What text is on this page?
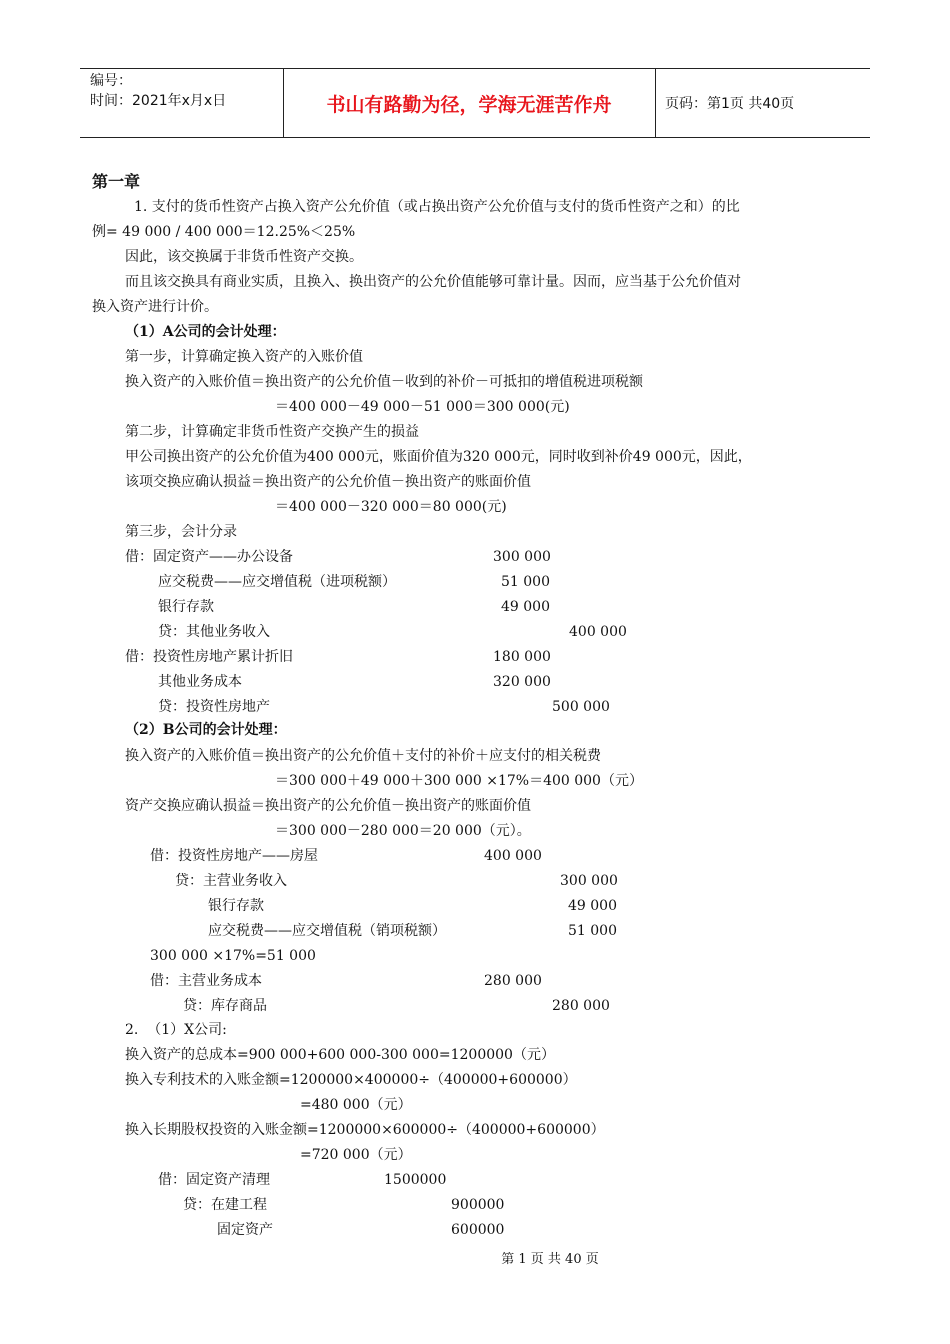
编号：
时间：2021年x月x日	书山有路勤为径，学海无涯苦作舟	页码：第1页 共40页
第一章
1. 支付的货币性资产占换入资产公允价值（或占换出资产公允价值与支付的货币性资产之和）的比
例= 49 000 / 400 000＝12.25%＜25%
因此，该交换属于非货币性资产交换。
而且该交换具有商业实质，且换入、换出资产的公允价值能够可靠计量。因而，应当基于公允价值对
换入资产进行计价。
（1）A公司的会计处理：
第一步，计算确定换入资产的入账价值
换入资产的入账价值＝换出资产的公允价值－收到的补价－可抵扣的增值税进项税额
＝400 000－49 000－51 000＝300 000(元)
第二步，计算确定非货币性资产交换产生的损益
甲公司换出资产的公允价值为400 000元，账面价值为320 000元，同时收到补价49 000元，因此，
该项交换应确认损益＝换出资产的公允价值－换出资产的账面价值
＝400 000－320 000＝80 000(元)
第三步，会计分录
借：固定资产——办公设备	300 000
应交税费——应交增值税（进项税额）	51 000
银行存款	49 000
贷：其他业务收入	400 000
借：投资性房地产累计折旧	180 000
其他业务成本	320 000
贷：投资性房地产	500 000
（2）B公司的会计处理：
换入资产的入账价值＝换出资产的公允价值＋支付的补价＋应支付的相关税费
＝300 000＋49 000＋300 000 ×17%＝400 000（元）
资产交换应确认损益＝换出资产的公允价值－换出资产的账面价值
＝300 000－280 000＝20 000（元）。
借：投资性房地产——房屋	400 000
贷：主营业务收入	300 000
银行存款	49 000
应交税费——应交增值税（销项税额）	51 000
300 000 ×17%=51 000
借：主营业务成本	280 000
贷：库存商品	280 000
2.  （1）X公司:
换入资产的总成本=900 000+600 000-300 000=1200000（元）
换入专利技术的入账金额=1200000×400000÷（400000+600000）
=480 000（元）
换入长期股权投资的入账金额=1200000×600000÷（400000+600000）
=720 000（元）
借：固定资产清理	1500000
贷：在建工程	900000
固定资产	600000
第 1 页 共 40 页
